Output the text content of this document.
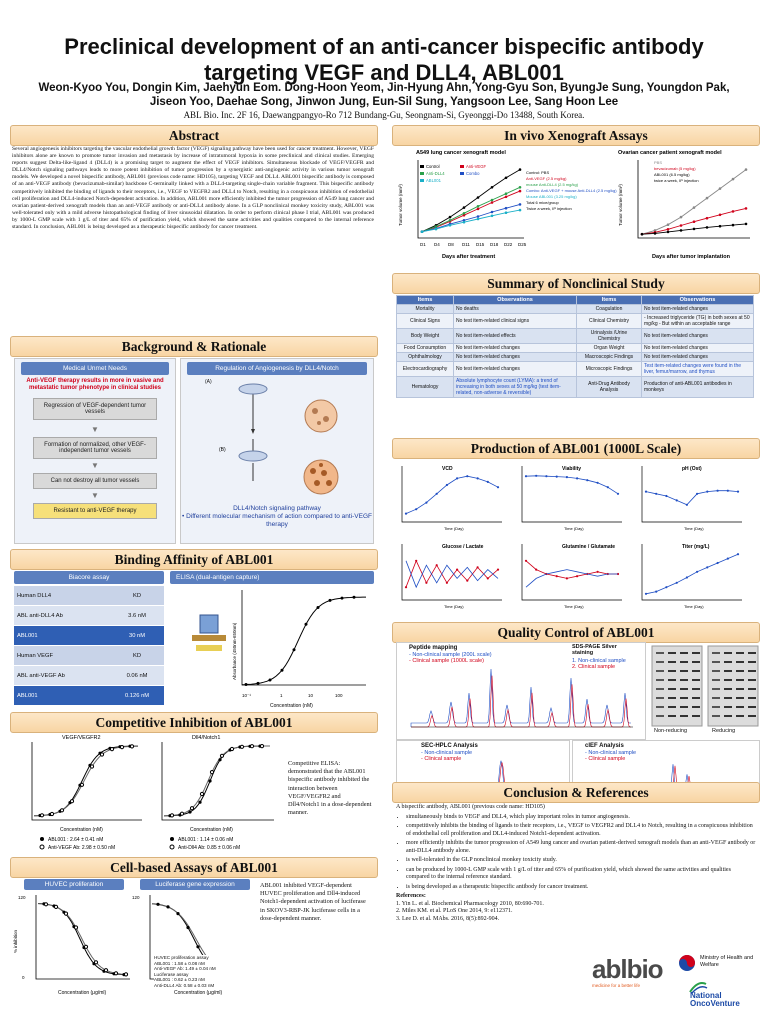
Preclinical development of an anti-cancer bispecific antibody
targeting VEGF and DLL4, ABL001
Weon-Kyoo You, Dongin Kim, Jaehyun Eom. Dong-Hoon Yeom, Jin-Hyung Ahn, Yong-Gyu Son, ByungJe Sung, Youngdon Pak,
Jiseon Yoo, Daehae Song, Jinwon Jung, Eun-Sil Sung, Yangsoon Lee, Sang Hoon Lee
ABL Bio. Inc. 2F 16, Daewangpangyo-Ro 712 Bundang-Gu, Seongnam-Si, Gyeonggi-Do 13488, South Korea.
Abstract
Several angiogenesis inhibitors targeting the vascular endothelial growth factor (VEGF) signaling pathway have been used for cancer treatment. However, VEGF inhibitors alone are known to promote tumor invasion and metastasis by increase of intratumoral hypoxia in some preclinical and clinical studies. Emerging reports suggest Delta-like-ligand 4 (DLL4) is a promising target to augment the effect of VEGF inhibitors. Simultaneous blockade of VEGF/VEGFR and DLL4/Notch signaling pathways leads to more potent inhibition of tumor progression by a synergistic anti-angiogenic activity in various tumor xenograft models. We developed a novel bispecific antibody, ABL001 (previous code name: HD105), targeting VEGF and DLL4. ABL001 bispecific antibody is composed of an anti-VEGF antibody (bevacizumab-similar) backbone C-terminally linked with a DLL4-targeting single-chain variable fragment. This bispecific antibody competitively inhibited the binding of ligands to their receptors, i.e., VEGF to VEGFR2 and DLL4 to Notch, resulting in a conspicuous inhibition of endothelial cell proliferation and DLL4-induced Notch-dependent activation. In addition, ABL001 more efficiently inhibited the tumor progression of A549 lung cancer and ovarian patient-derived xenograft models than an anti-VEGF antibody or anti-DLL4 antibody alone. In a GLP nonclinical monkey toxicity study, ABL001 was well-tolerated only with a mild adverse histopathological finding of liver sinusoidal dilatation. In order to perform clinical phase I trial, ABL001 was produced by 1000-L GMP scale with 1 g/L of titer and 65% of purification yield, which showed the same activities and qualities compared to the internal reference standard. In conclusion, ABL001 is being developed as a therapeutic bispecific antibody for cancer treatment.
Background & Rationale
Medical Unmet Needs
Anti-VEGF therapy results in more in vasive and metastatic tumor phenotype in clinical studies
Regression of VEGF-dependent tumor vessels
▼
Formation of normalized, other VEGF-independent tumor vessels
▼
Can not destroy all tumor vessels
▼
Resistant to anti-VEGF therapy
Regulation of Angiogenesis by DLL4/Notch
(A)
(B)
DLL4/Notch signaling pathway
• Different molecular mechanism of action compared to anti-VEGF therapy
Binding Affinity of ABL001
Biacore assay
Human DLL4	KD
ABL anti-DLL4 Ab	3.6 nM
ABL001	30 nM
Human VEGF	KD
ABL anti-VEGF Ab	0.06 nM
ABL001	0.126 nM
ELISA (dual-antigen capture)
10⁻¹	1	10	100
Concentration (nM)
Absorbance (450nm-650nm)
Competitive Inhibition of ABL001
VEGF/VEGFR2	Dll4/Notch1
Concentration (nM)	Concentration (nM)
ABL001 : 2.64 ± 0.41 nM
Anti-VEGF Ab: 2.98 ± 0.50 nM
ABL001 : 1.14 ± 0.06 nM
Anti-Dll4 Ab: 0.85 ± 0.06 nM
Competitive ELISA: demonstrated that the ABL001 bispecific antibody inhibited the interaction between VEGF/VEGFR2 and Dll4/Notch1 in a dose-dependent manner.
Cell-based Assays of ABL001
HUVEC proliferation	Luciferase gene expression
120
0
120
Concentration (μg/ml)	Concentration (μg/ml)
% inhibition
HUVEC proliferation assay
ABL001 : 1.58 ± 0.08 nM
Anti-VEGF Ab: 1.49 ± 0.04 nM
Luciferase assay
ABL001 : 0.62 ± 0.23 nM
Anti-DLL4 Ab: 0.58 ± 0.03 nM
ABL001 inhibited VEGF-dependent HUVEC proliferation and Dll4-induced Notch1-dependent activation of luciferase in SKOV3-RBP-JK luciferase cells in a dose-dependent manner.
In vivo Xenograft Assays
A549 lung cancer xenograft model	Ovarian cancer patient xenograft model
D1 D4 D8 D11 D15 D18 D22 D25
Days after treatment	Days after tumor implantation
Tumor volume (mm³)	Tumor volume (mm³)
Control	Anti-VEGF
Anti-DLL4	Combo
ABL001
Control: PBS
Anti-VEGF (2.5 mg/kg)
mouse Anti-DLL4 (2.5 mg/kg)
Combo: Anti-VEGF + mouse Anti-DLL4 (2.5 mg/kg)
Mouse ABL001 (3.25 mg/kg)
Total 6 mice/group
Twice a week, IP injection
PBS
bevacizumab (5 mg/kg)
ABL001 (6.5 mg/kg)
twice a week, IP injection
Summary of Nonclinical Study
Items	Observations	Items	Observations
Mortality	No deaths	Coagulation	No test item-related changes
Clinical Signs	No test item-related clinical signs	Clinical Chemistry	- Increased triglyceride (TG) in both sexes at 50 mg/kg - But within an acceptable range
Body Weight	No test item-related effects	Urinalysis /Urine Chemistry	No test item-related changes
Food Consumption	No test item-related changes	Organ Weight	No test item-related changes
Ophthalmology	No test item-related changes	Macroscopic Findings	No test item-related changes
Electrocardiography	No test item-related changes	Microscopic Findings	Test item-related changes were found in the liver, femur/marrow, and thymus
Hematology	Absolute lymphocyte count (LYMA): a trend of increasing in both sexes at 50 mg/kg (test item-related, non-adverse & reversible)	Anti-Drug Antibody Analysis	Production of anti-ABL001 antibodies in monkeys
Production of ABL001 (1000L Scale)
VCD
Time (Day)
Viability
Time (Day)
pH (Ost)
Time (Day)
Glucose / Lactate
Time (Day)
Glutamine / Glutamate
Time (Day)
Titer (mg/L)
Time (Day)
Quality Control of ABL001
Peptide mapping
- Non-clinical sample (200L scale)
- Clinical sample (1000L scale)
SDS-PAGE Silver staining
1. Non-clinical sample
2. Clinical sample
Non-reducing	Reducing
SEC-HPLC Analysis
- Non-clinical sample
- Clinical sample
cIEF Analysis
- Non-clinical sample
- Clinical sample
Conclusion & References
A bispecific antibody, ABL001 (previous code name: HD105)
• simultaneously binds to VEGF and DLL4, which play important roles in tumor angiogenesis.
• competitively inhibits the binding of ligands to their receptors, i.e., VEGF to VEGFR2 and DLL4 to Notch, resulting in a conspicuous inhibition of endothelial cell proliferation and DLL4-induced Notch1-dependent activation.
• more efficiently inhibits the tumor progression of A549 lung cancer and ovarian patient-derived xenograft models than an anti-VEGF antibody or anti-DLL4 antibody alone.
• is well-tolerated in the GLP nonclinical monkey toxicity study.
• can be produced by 1000-L GMP scale with 1 g/L of titer and 65% of purification yield, which showed the same activities and qualities compared to the internal reference standard.
• is being developed as a therapeutic bispecific antibody for cancer treatment.
References:
1. Yin L. et al. Biochemical Pharmacology 2010, 80:690-701.
2. Miles KM. et al. PLoS One 2014, 9: e112371.
3. Lee D. et al. MAbs. 2016, 8(5):892-904.
ablbio
medicine for a better life
Ministry of Health and Welfare
National OncoVenture
